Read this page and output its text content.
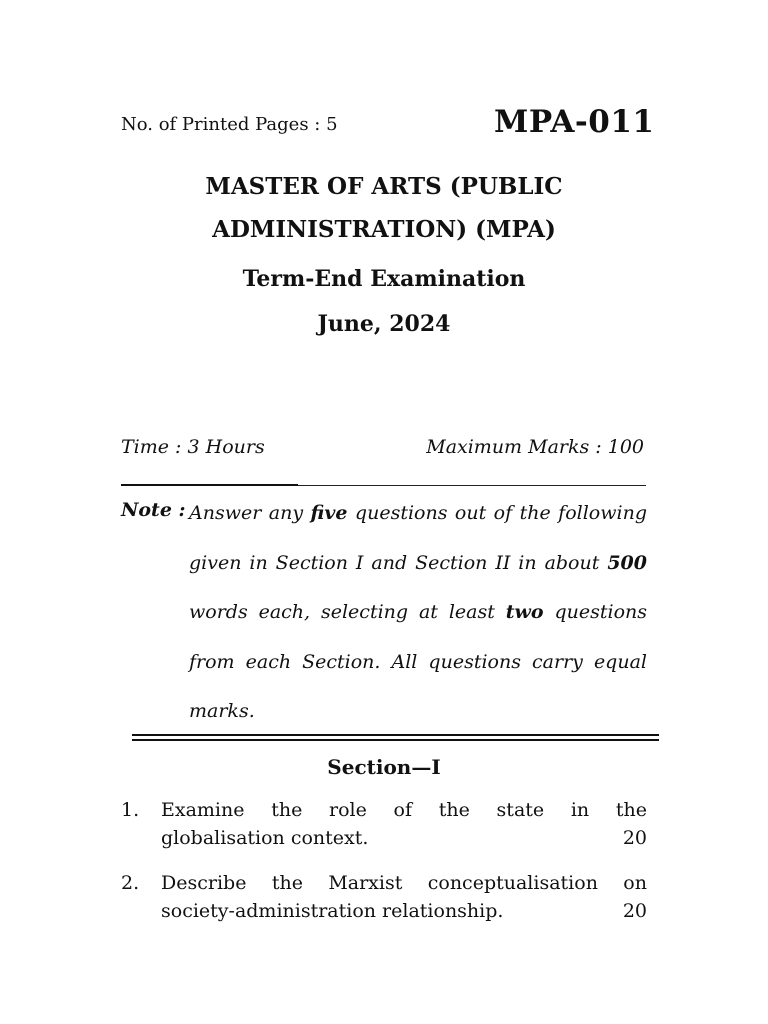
No. of Printed Pages : 5	MPA-011
MASTER OF ARTS (PUBLIC
ADMINISTRATION) (MPA)
Term-End Examination
June, 2024
Time : 3 Hours	Maximum Marks : 100
Note : Answer any five questions out of the following given in Section I and Section II in about 500 words each, selecting at least two questions from each Section. All questions carry equal marks.
Section—I
1. Examine the role of the state in the
globalisation context.	20
2. Describe the Marxist conceptualisation on
society-administration relationship.	20
